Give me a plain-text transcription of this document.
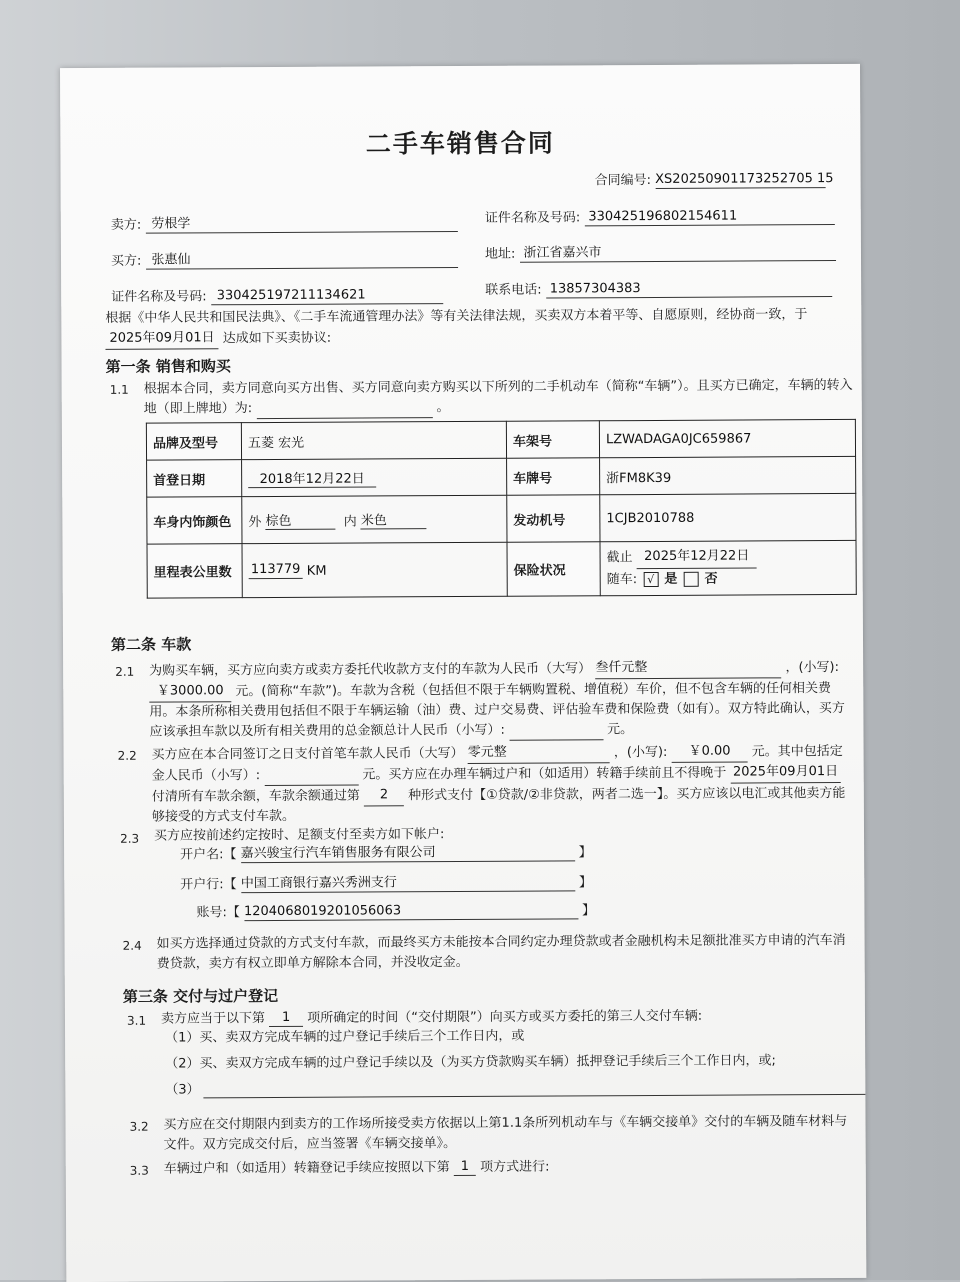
二手车销售合同
合同编号: XS20250901173252705 15
卖方: 劳根学	证件名称及号码: 330425196802154611
买方: 张惠仙	地址: 浙江省嘉兴市
证件名称及号码: 330425197211134621	联系电话: 13857304383
根据《中华人民共和国民法典》、《二手车流通管理办法》等有关法律法规，买卖双方本着平等、自愿原则，经协商一致，于 2025年09月01日 达成如下买卖协议:
第一条 销售和购买
1.1 根据本合同，卖方同意向买方出售、买方同意向卖方购买以下所列的二手机动车（简称“车辆”）。且买方已确定，车辆的转入地（即上牌地）为:	。
品牌及型号	五菱 宏光	车架号	LZWADAGA0JC659867
首登日期	2018年12月22日	车牌号	浙FM8K39
车身内饰颜色	外 棕色 内 米色	发动机号	1CJB2010788
里程表公里数	113779 KM	保险状况	截止 2025年12月22日
随车: √ 是 否
第二条 车款
2.1 为购买车辆，买方应向卖方或卖方委托代收款方支付的车款为人民币（大写） 叁仟元整	，(小写): ￥3000.00 元。(简称“车款”)。车款为含税（包括但不限于车辆购置税、增值税）车价，但不包含车辆的任何相关费用。本条所称相关费用包括但不限于车辆运输（油）费、过户交易费、评估验车费和保险费（如有）。双方特此确认，买方应该承担车款以及所有相关费用的总金额总计人民币（小写）:	元。
2.2 买方应在本合同签订之日支付首笔车款人民币（大写） 零元整	，(小写): ￥0.00 元。其中包括定金人民币（小写）:	元。买方应在办理车辆过户和（如适用）转籍手续前且不得晚于 2025年09月01日 付清所有车款余额，车款余额通过第 2 种形式支付【①贷款/②非贷款，两者二选一】。买方应该以电汇或其他卖方能够接受的方式支付车款。
2.3 买方应按前述约定按时、足额支付至卖方如下帐户:
开户名:【 嘉兴骏宝行汽车销售服务有限公司	】
开户行:【 中国工商银行嘉兴秀洲支行	】
账号:【 1204068019201056063	】
2.4 如买方选择通过贷款的方式支付车款，而最终买方未能按本合同约定办理贷款或者金融机构未足额批准买方申请的汽车消费贷款，卖方有权立即单方解除本合同，并没收定金。
第三条 交付与过户登记
3.1 卖方应当于以下第 1 项所确定的时间（“交付期限”）向买方或买方委托的第三人交付车辆:
（1）买、卖双方完成车辆的过户登记手续后三个工作日内，或
（2）买、卖双方完成车辆的过户登记手续以及（为买方贷款购买车辆）抵押登记手续后三个工作日内，或;
（3）
3.2 买方应在交付期限内到卖方的工作场所接受卖方依据以上第1.1条所列机动车与《车辆交接单》交付的车辆及随车材料与文件。双方完成交付后，应当签署《车辆交接单》。
3.3 车辆过户和（如适用）转籍登记手续应按照以下第 1 项方式进行:
